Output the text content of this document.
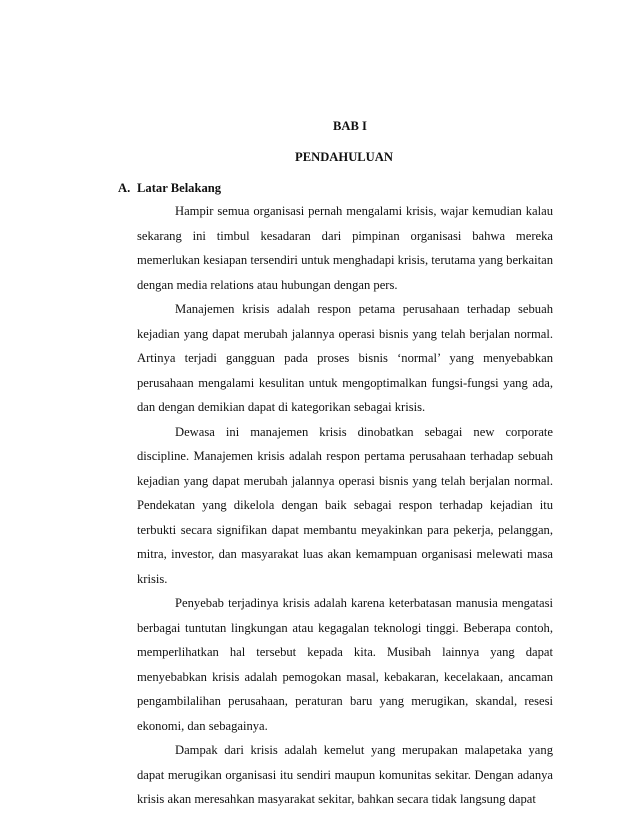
BAB I
PENDAHULUAN
A. Latar Belakang

Hampir semua organisasi pernah mengalami krisis, wajar kemudian kalau sekarang ini timbul kesadaran dari pimpinan organisasi bahwa mereka memerlukan kesiapan tersendiri untuk menghadapi krisis, terutama yang berkaitan dengan media relations atau hubungan dengan pers.

Manajemen krisis adalah respon petama perusahaan terhadap sebuah kejadian yang dapat merubah jalannya operasi bisnis yang telah berjalan normal. Artinya terjadi gangguan pada proses bisnis ‘normal’ yang menyebabkan perusahaan mengalami kesulitan untuk mengoptimalkan fungsi-fungsi yang ada, dan dengan demikian dapat di kategorikan sebagai krisis.

Dewasa ini manajemen krisis dinobatkan sebagai new corporate discipline. Manajemen krisis adalah respon pertama perusahaan terhadap sebuah kejadian yang dapat merubah jalannya operasi bisnis yang telah berjalan normal. Pendekatan yang dikelola dengan baik sebagai respon terhadap kejadian itu terbukti secara signifikan dapat membantu meyakinkan para pekerja, pelanggan, mitra, investor, dan masyarakat luas akan kemampuan organisasi melewati masa krisis.

Penyebab terjadinya krisis adalah karena keterbatasan manusia mengatasi berbagai tuntutan lingkungan atau kegagalan teknologi tinggi. Beberapa contoh, memperlihatkan hal tersebut kepada kita. Musibah lainnya yang dapat menyebabkan krisis adalah pemogokan masal, kebakaran, kecelakaan, ancaman pengambilalihan perusahaan, peraturan baru yang merugikan, skandal, resesi ekonomi, dan sebagainya.

Dampak dari krisis adalah kemelut yang merupakan malapetaka yang dapat merugikan organisasi itu sendiri maupun komunitas sekitar. Dengan adanya krisis akan meresahkan masyarakat sekitar, bahkan secara tidak langsung dapat
